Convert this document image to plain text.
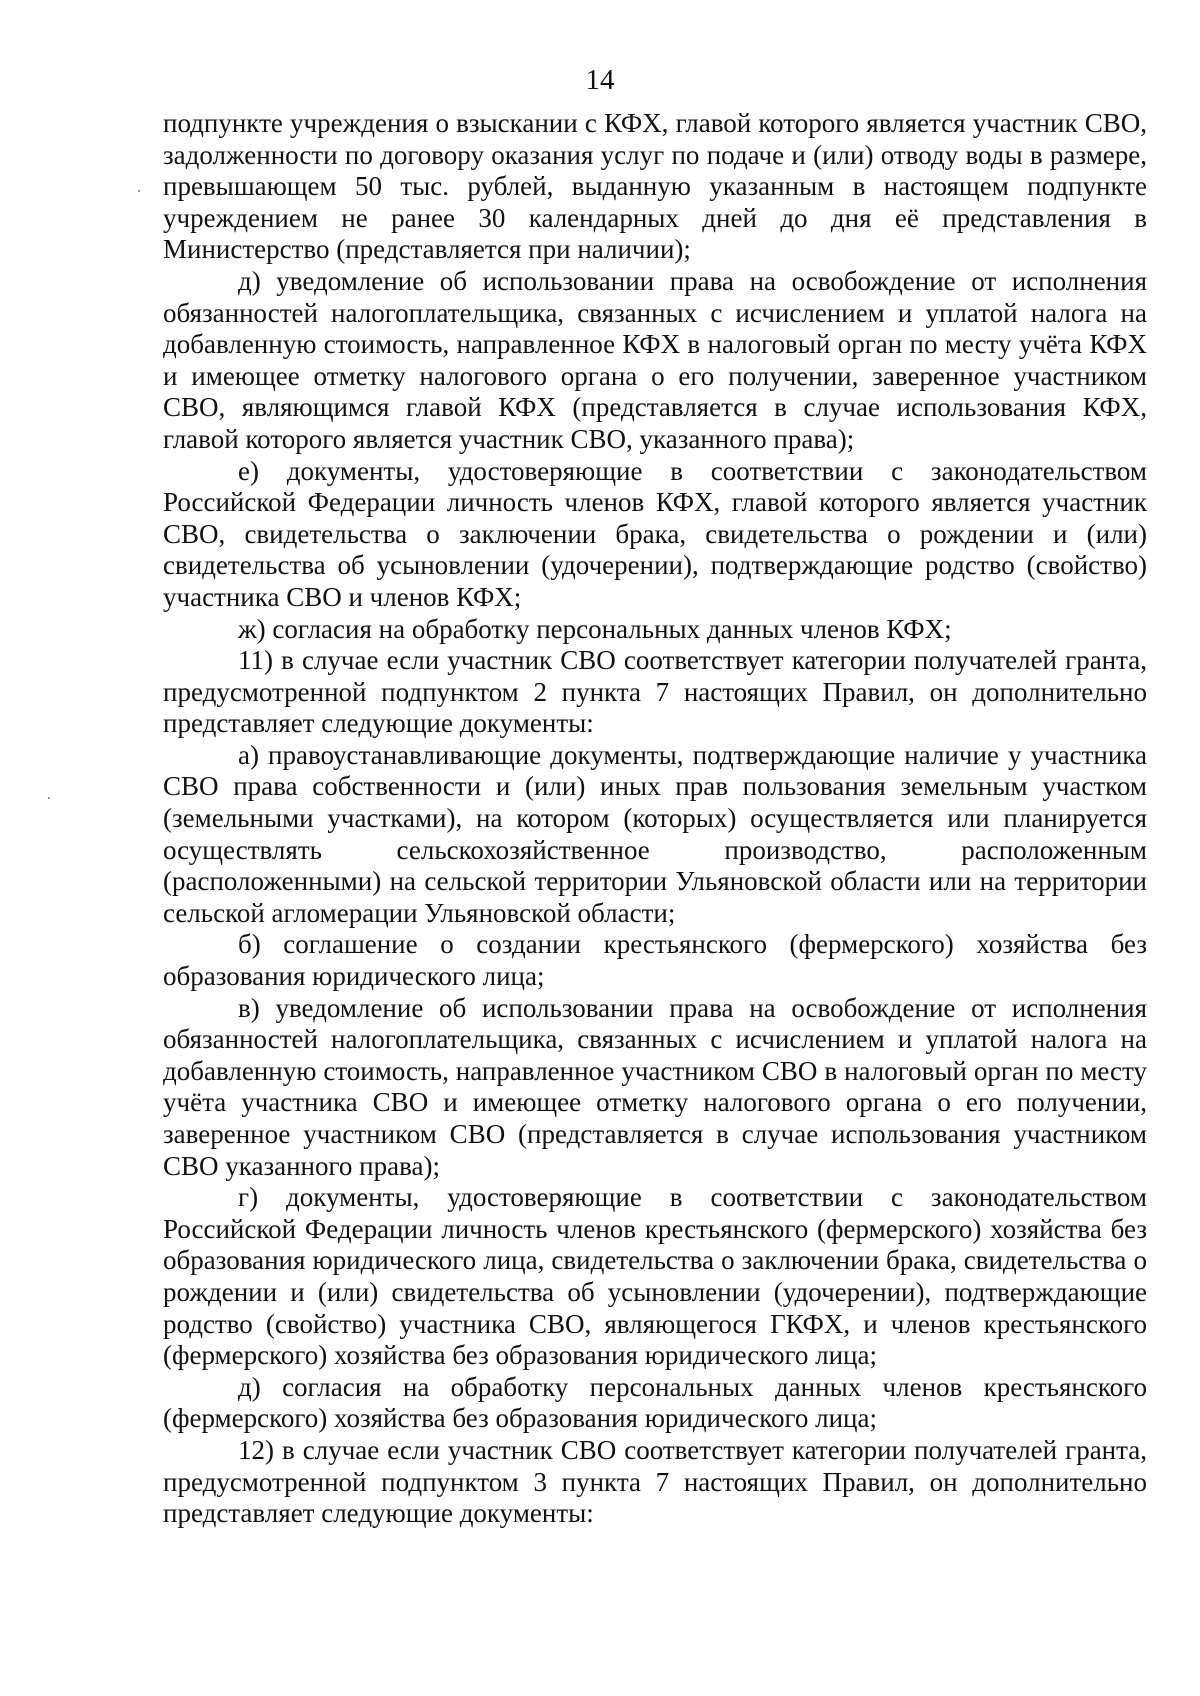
14

подпункте учреждения о взыскании с КФХ, главой которого является участник СВО, задолженности по договору оказания услуг по подаче и (или) отводу воды в размере, превышающем 50 тыс. рублей, выданную указанным в настоящем подпункте учреждением не ранее 30 календарных дней до дня её представления в Министерство (представляется при наличии);

д) уведомление об использовании права на освобождение от исполнения обязанностей налогоплательщика, связанных с исчислением и уплатой налога на добавленную стоимость, направленное КФХ в налоговый орган по месту учёта КФХ и имеющее отметку налогового органа о его получении, заверенное участником СВО, являющимся главой КФХ (представляется в случае использования КФХ, главой которого является участник СВО, указанного права);

е) документы, удостоверяющие в соответствии с законодательством Российской Федерации личность членов КФХ, главой которого является участник СВО, свидетельства о заключении брака, свидетельства о рождении и (или) свидетельства об усыновлении (удочерении), подтверждающие родство (свойство) участника СВО и членов КФХ;

ж) согласия на обработку персональных данных членов КФХ;

11) в случае если участник СВО соответствует категории получателей гранта, предусмотренной подпунктом 2 пункта 7 настоящих Правил, он дополнительно представляет следующие документы:

а) правоустанавливающие документы, подтверждающие наличие у участника СВО права собственности и (или) иных прав пользования земельным участком (земельными участками), на котором (которых) осуществляется или планируется осуществлять сельскохозяйственное производство, расположенным (расположенными) на сельской территории Ульяновской области или на территории сельской агломерации Ульяновской области;

б) соглашение о создании крестьянского (фермерского) хозяйства без образования юридического лица;

в) уведомление об использовании права на освобождение от исполнения обязанностей налогоплательщика, связанных с исчислением и уплатой налога на добавленную стоимость, направленное участником СВО в налоговый орган по месту учёта участника СВО и имеющее отметку налогового органа о его получении, заверенное участником СВО (представляется в случае использования участником СВО указанного права);

г) документы, удостоверяющие в соответствии с законодательством Российской Федерации личность членов крестьянского (фермерского) хозяйства без образования юридического лица, свидетельства о заключении брака, свидетельства о рождении и (или) свидетельства об усыновлении (удочерении), подтверждающие родство (свойство) участника СВО, являющегося ГКФХ, и членов крестьянского (фермерского) хозяйства без образования юридического лица;

д) согласия на обработку персональных данных членов крестьянского (фермерского) хозяйства без образования юридического лица;

12) в случае если участник СВО соответствует категории получателей гранта, предусмотренной подпунктом 3 пункта 7 настоящих Правил, он дополнительно представляет следующие документы:
